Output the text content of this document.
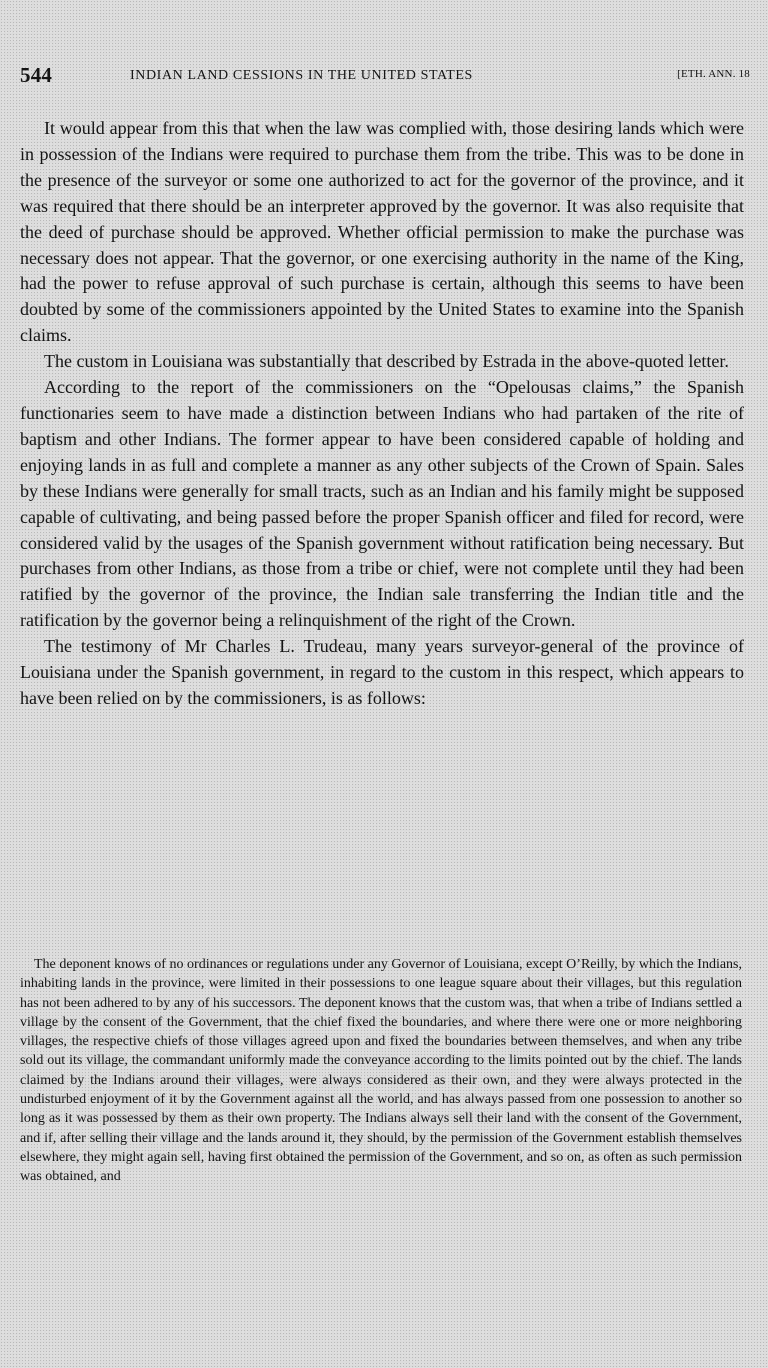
544	INDIAN LAND CESSIONS IN THE UNITED STATES	[ETH. ANN. 18

It would appear from this that when the law was complied with, those desiring lands which were in possession of the Indians were required to purchase them from the tribe. This was to be done in the presence of the surveyor or some one authorized to act for the governor of the province, and it was required that there should be an interpreter approved by the governor. It was also requisite that the deed of purchase should be approved. Whether official permission to make the purchase was necessary does not appear. That the governor, or one exercising authority in the name of the King, had the power to refuse approval of such purchase is certain, although this seems to have been doubted by some of the commissioners appointed by the United States to examine into the Spanish claims.

The custom in Louisiana was substantially that described by Estrada in the above-quoted letter.

According to the report of the commissioners on the “Opelousas claims,” the Spanish functionaries seem to have made a distinction between Indians who had partaken of the rite of baptism and other Indians. The former appear to have been considered capable of holding and enjoying lands in as full and complete a manner as any other subjects of the Crown of Spain. Sales by these Indians were generally for small tracts, such as an Indian and his family might be supposed capable of cultivating, and being passed before the proper Spanish officer and filed for record, were considered valid by the usages of the Spanish government without ratification being necessary. But purchases from other Indians, as those from a tribe or chief, were not complete until they had been ratified by the governor of the province, the Indian sale transferring the Indian title and the ratification by the governor being a relinquishment of the right of the Crown.

The testimony of Mr Charles L. Trudeau, many years surveyor-general of the province of Louisiana under the Spanish government, in regard to the custom in this respect, which appears to have been relied on by the commissioners, is as follows:

The deponent knows of no ordinances or regulations under any Governor of Louisiana, except O’Reilly, by which the Indians, inhabiting lands in the province, were limited in their possessions to one league square about their villages, but this regulation has not been adhered to by any of his successors. The deponent knows that the custom was, that when a tribe of Indians settled a village by the consent of the Government, that the chief fixed the boundaries, and where there were one or more neighboring villages, the respective chiefs of those villages agreed upon and fixed the boundaries between themselves, and when any tribe sold out its village, the commandant uniformly made the conveyance according to the limits pointed out by the chief. The lands claimed by the Indians around their villages, were always considered as their own, and they were always protected in the undisturbed enjoyment of it by the Government against all the world, and has always passed from one possession to another so long as it was possessed by them as their own property. The Indians always sell their land with the consent of the Government, and if, after selling their village and the lands around it, they should, by the permission of the Government establish themselves elsewhere, they might again sell, having first obtained the permission of the Government, and so on, as often as such permission was obtained, and
